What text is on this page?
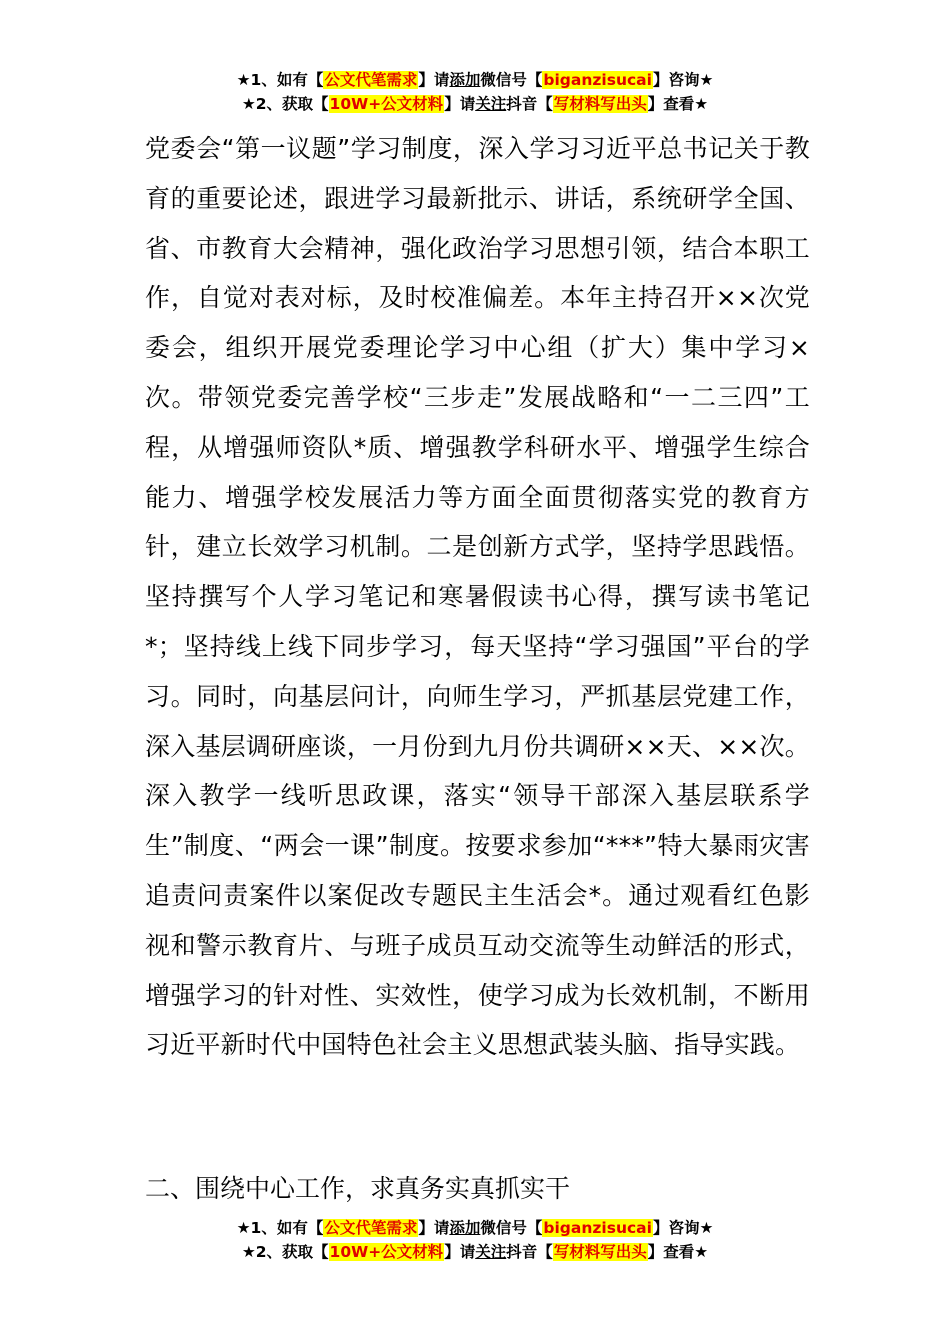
★1、如有【公文代笔需求】请添加微信号【biganzisucai】咨询★
★2、获取【10W+公文材料】请关注抖音【写材料写出头】查看★

党委会“第一议题”学习制度，深入学习习近平总书记关于教育的重要论述，跟进学习最新批示、讲话，系统研学全国、省、市教育大会精神，强化政治学习思想引领，结合本职工作，自觉对表对标，及时校准偏差。本年主持召开××次党委会，组织开展党委理论学习中心组（扩大）集中学习×次。带领党委完善学校“三步走”发展战略和“一二三四”工程，从增强师资队*质、增强教学科研水平、增强学生综合能力、增强学校发展活力等方面全面贯彻落实党的教育方针，建立长效学习机制。二是创新方式学，坚持学思践悟。坚持撰写个人学习笔记和寒暑假读书心得，撰写读书笔记*；坚持线上线下同步学习，每天坚持“学习强国”平台的学习。同时，向基层问计，向师生学习，严抓基层党建工作，深入基层调研座谈，一月份到九月份共调研××天、××次。深入教学一线听思政课，落实“领导干部深入基层联系学生”制度、“两会一课”制度。按要求参加“***”特大暴雨灾害追责问责案件以案促改专题民主生活会*。通过观看红色影视和警示教育片、与班子成员互动交流等生动鲜活的形式，增强学习的针对性、实效性，使学习成为长效机制，不断用习近平新时代中国特色社会主义思想武装头脑、指导实践。

二、围绕中心工作，求真务实真抓实干
★1、如有【公文代笔需求】请添加微信号【biganzisucai】咨询★
★2、获取【10W+公文材料】请关注抖音【写材料写出头】查看★
